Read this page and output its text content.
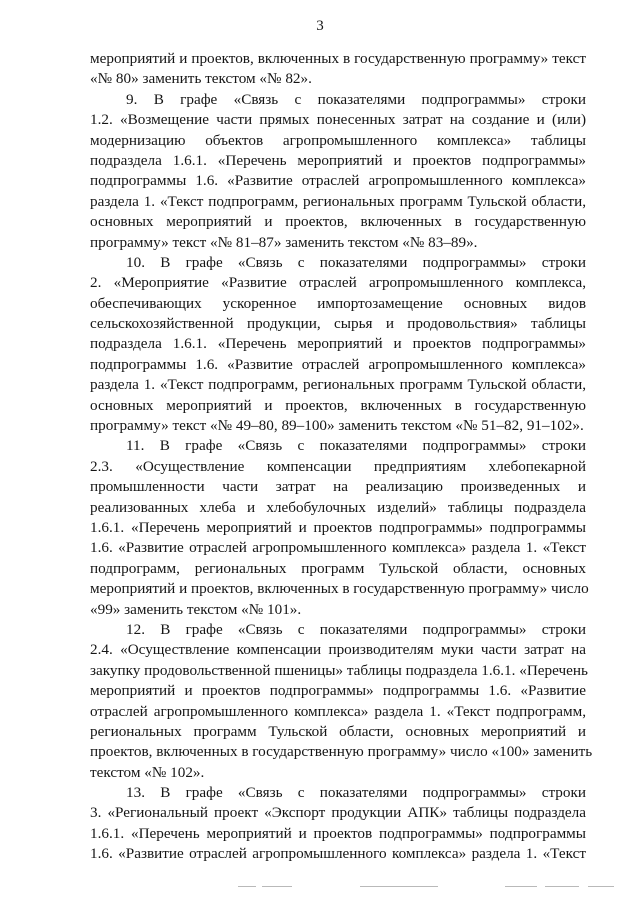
3
мероприятий и проектов, включенных в государственную программу» текст
«№ 80» заменить текстом «№ 82».
9. В графе «Связь с показателями подпрограммы» строки
1.2. «Возмещение части прямых понесенных затрат на создание и (или)
модернизацию объектов агропромышленного комплекса» таблицы
подраздела 1.6.1. «Перечень мероприятий и проектов подпрограммы»
подпрограммы 1.6. «Развитие отраслей агропромышленного комплекса»
раздела 1. «Текст подпрограмм, региональных программ Тульской области,
основных мероприятий и проектов, включенных в государственную
программу» текст «№ 81–87» заменить текстом «№ 83–89».
10. В графе «Связь с показателями подпрограммы» строки
2. «Мероприятие «Развитие отраслей агропромышленного комплекса,
обеспечивающих ускоренное импортозамещение основных видов
сельскохозяйственной продукции, сырья и продовольствия» таблицы
подраздела 1.6.1. «Перечень мероприятий и проектов подпрограммы»
подпрограммы 1.6. «Развитие отраслей агропромышленного комплекса»
раздела 1. «Текст подпрограмм, региональных программ Тульской области,
основных мероприятий и проектов, включенных в государственную
программу» текст «№ 49–80, 89–100» заменить текстом «№ 51–82, 91–102».
11. В графе «Связь с показателями подпрограммы» строки
2.3. «Осуществление компенсации предприятиям хлебопекарной
промышленности части затрат на реализацию произведенных и
реализованных хлеба и хлебобулочных изделий» таблицы подраздела
1.6.1. «Перечень мероприятий и проектов подпрограммы» подпрограммы
1.6. «Развитие отраслей агропромышленного комплекса» раздела 1. «Текст
подпрограмм, региональных программ Тульской области, основных
мероприятий и проектов, включенных в государственную программу» число
«99» заменить текстом «№ 101».
12. В графе «Связь с показателями подпрограммы» строки
2.4. «Осуществление компенсации производителям муки части затрат на
закупку продовольственной пшеницы» таблицы подраздела 1.6.1. «Перечень
мероприятий и проектов подпрограммы» подпрограммы 1.6. «Развитие
отраслей агропромышленного комплекса» раздела 1. «Текст подпрограмм,
региональных программ Тульской области, основных мероприятий и
проектов, включенных в государственную программу» число «100» заменить
текстом «№ 102».
13. В графе «Связь с показателями подпрограммы» строки
3. «Региональный проект «Экспорт продукции АПК» таблицы подраздела
1.6.1. «Перечень мероприятий и проектов подпрограммы» подпрограммы
1.6. «Развитие отраслей агропромышленного комплекса» раздела 1. «Текст
